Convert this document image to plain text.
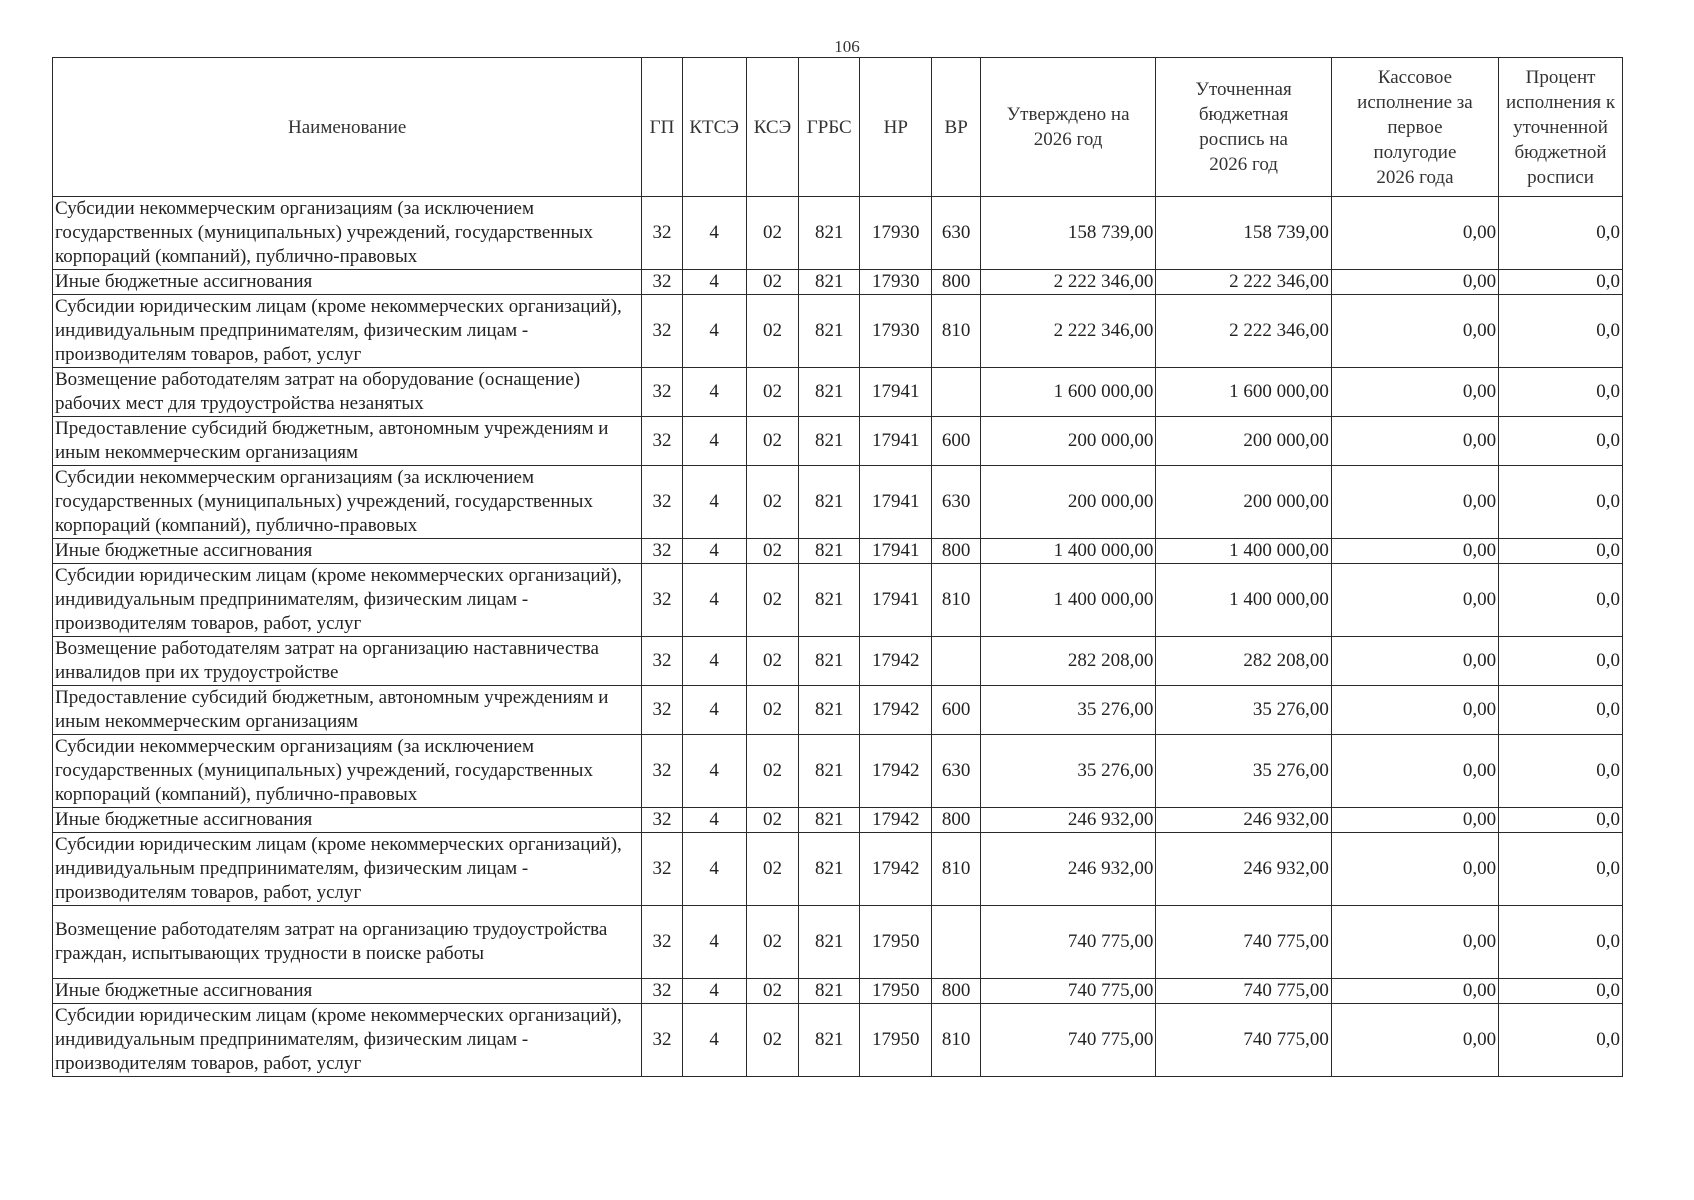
106
Наименование	ГП	КТСЭ	КСЭ	ГРБС	НР	ВР	Утверждено на 2026 год	Уточненная бюджетная роспись на 2026 год	Кассовое исполнение за первое полугодие 2026 года	Процент исполнения к уточненной бюджетной росписи
Субсидии некоммерческим организациям (за исключением государственных (муниципальных) учреждений, государственных корпораций (компаний), публично-правовых	32	4	02	821	17930	630	158 739,00	158 739,00	0,00	0,0
Иные бюджетные ассигнования	32	4	02	821	17930	800	2 222 346,00	2 222 346,00	0,00	0,0
Субсидии юридическим лицам (кроме некоммерческих организаций), индивидуальным предпринимателям, физическим лицам - производителям товаров, работ, услуг	32	4	02	821	17930	810	2 222 346,00	2 222 346,00	0,00	0,0
Возмещение работодателям затрат на оборудование (оснащение) рабочих мест для трудоустройства незанятых	32	4	02	821	17941		1 600 000,00	1 600 000,00	0,00	0,0
Предоставление субсидий бюджетным, автономным учреждениям и иным некоммерческим организациям	32	4	02	821	17941	600	200 000,00	200 000,00	0,00	0,0
Субсидии некоммерческим организациям (за исключением государственных (муниципальных) учреждений, государственных корпораций (компаний), публично-правовых	32	4	02	821	17941	630	200 000,00	200 000,00	0,00	0,0
Иные бюджетные ассигнования	32	4	02	821	17941	800	1 400 000,00	1 400 000,00	0,00	0,0
Субсидии юридическим лицам (кроме некоммерческих организаций), индивидуальным предпринимателям, физическим лицам - производителям товаров, работ, услуг	32	4	02	821	17941	810	1 400 000,00	1 400 000,00	0,00	0,0
Возмещение работодателям затрат на организацию наставничества инвалидов при их трудоустройстве	32	4	02	821	17942		282 208,00	282 208,00	0,00	0,0
Предоставление субсидий бюджетным, автономным учреждениям и иным некоммерческим организациям	32	4	02	821	17942	600	35 276,00	35 276,00	0,00	0,0
Субсидии некоммерческим организациям (за исключением государственных (муниципальных) учреждений, государственных корпораций (компаний), публично-правовых	32	4	02	821	17942	630	35 276,00	35 276,00	0,00	0,0
Иные бюджетные ассигнования	32	4	02	821	17942	800	246 932,00	246 932,00	0,00	0,0
Субсидии юридическим лицам (кроме некоммерческих организаций), индивидуальным предпринимателям, физическим лицам - производителям товаров, работ, услуг	32	4	02	821	17942	810	246 932,00	246 932,00	0,00	0,0
Возмещение работодателям затрат на организацию трудоустройства граждан, испытывающих трудности в поиске работы	32	4	02	821	17950		740 775,00	740 775,00	0,00	0,0
Иные бюджетные ассигнования	32	4	02	821	17950	800	740 775,00	740 775,00	0,00	0,0
Субсидии юридическим лицам (кроме некоммерческих организаций), индивидуальным предпринимателям, физическим лицам - производителям товаров, работ, услуг	32	4	02	821	17950	810	740 775,00	740 775,00	0,00	0,0
